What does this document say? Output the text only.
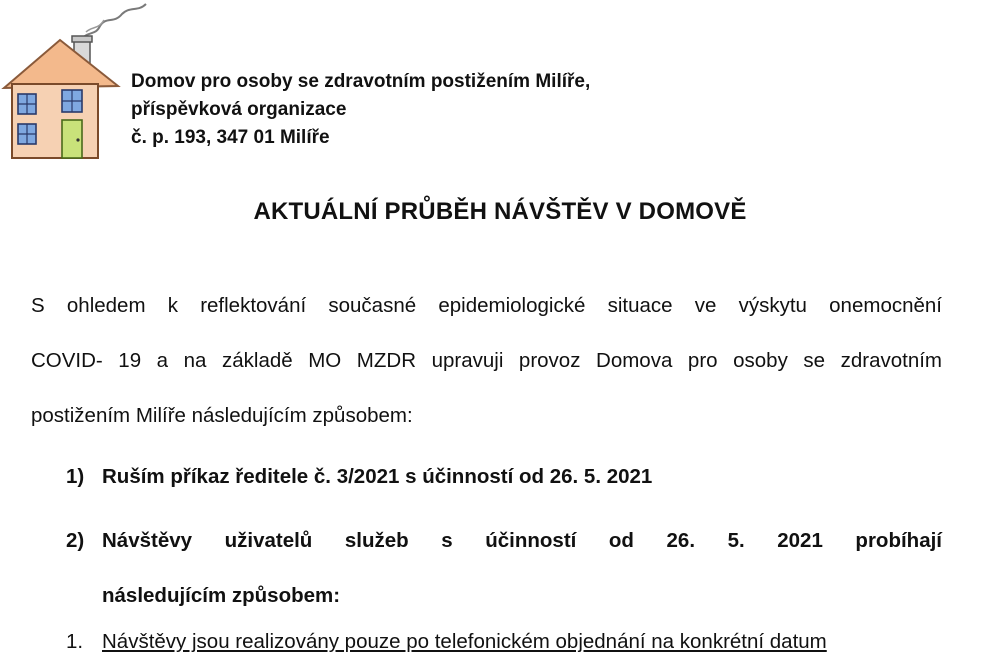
Domov pro osoby se zdravotním postižením Milíře,
příspěvková organizace
č. p. 193, 347 01 Milíře
AKTUÁLNÍ PRŮBĚH NÁVŠTĚV V DOMOVĚ
S ohledem k reflektování současné epidemiologické situace ve výskytu onemocnění
COVID- 19 a na základě MO MZDR upravuji provoz Domova pro osoby se zdravotním
postižením Milíře následujícím způsobem:
1) Ruším příkaz ředitele č. 3/2021 s účinností od 26. 5. 2021
2) Návštěvy uživatelů služeb s účinností od 26. 5. 2021 probíhají
následujícím způsobem:
1. Návštěvy jsou realizovány pouze po telefonickém objednání na konkrétní datum
